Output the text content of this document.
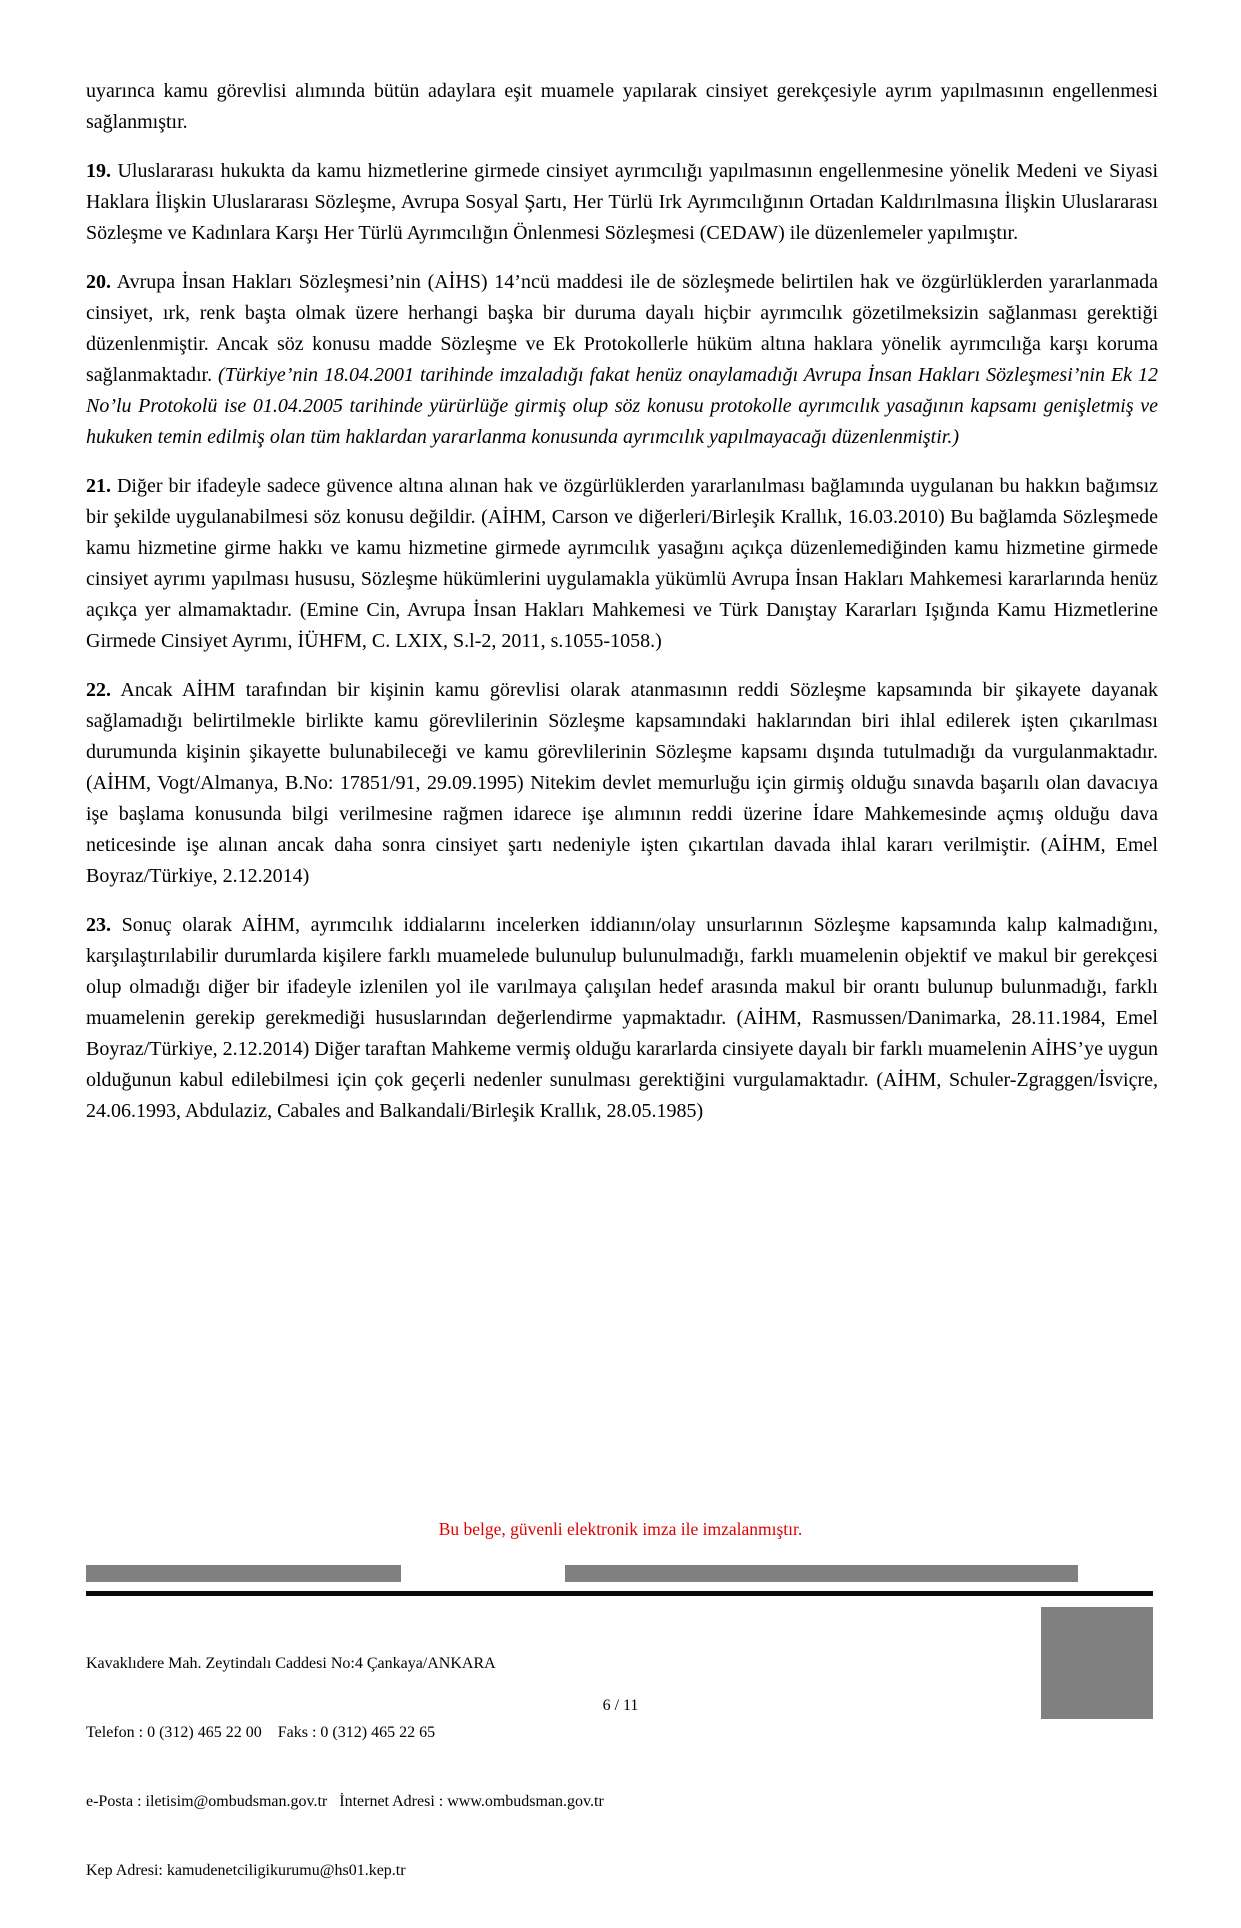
uyarınca kamu görevlisi alımında bütün adaylara eşit muamele yapılarak cinsiyet gerekçesiyle ayrım yapılmasının engellenmesi sağlanmıştır.

19. Uluslararası hukukta da kamu hizmetlerine girmede cinsiyet ayrımcılığı yapılmasının engellenmesine yönelik Medeni ve Siyasi Haklara İlişkin Uluslararası Sözleşme, Avrupa Sosyal Şartı, Her Türlü Irk Ayrımcılığının Ortadan Kaldırılmasına İlişkin Uluslararası Sözleşme ve Kadınlara Karşı Her Türlü Ayrımcılığın Önlenmesi Sözleşmesi (CEDAW) ile düzenlemeler yapılmıştır.

20. Avrupa İnsan Hakları Sözleşmesi’nin (AİHS) 14’ncü maddesi ile de sözleşmede belirtilen hak ve özgürlüklerden yararlanmada cinsiyet, ırk, renk başta olmak üzere herhangi başka bir duruma dayalı hiçbir ayrımcılık gözetilmeksizin sağlanması gerektiği düzenlenmiştir. Ancak söz konusu madde Sözleşme ve Ek Protokollerle hüküm altına haklara yönelik ayrımcılığa karşı koruma sağlanmaktadır. (Türkiye’nin 18.04.2001 tarihinde imzaladığı fakat henüz onaylamadığı Avrupa İnsan Hakları Sözleşmesi’nin Ek 12 No’lu Protokolü ise 01.04.2005 tarihinde yürürlüğe girmiş olup söz konusu protokolle ayrımcılık yasağının kapsamı genişletmiş ve hukuken temin edilmiş olan tüm haklardan yararlanma konusunda ayrımcılık yapılmayacağı düzenlenmiştir.)

21. Diğer bir ifadeyle sadece güvence altına alınan hak ve özgürlüklerden yararlanılması bağlamında uygulanan bu hakkın bağımsız bir şekilde uygulanabilmesi söz konusu değildir. (AİHM, Carson ve diğerleri/Birleşik Krallık, 16.03.2010) Bu bağlamda Sözleşmede kamu hizmetine girme hakkı ve kamu hizmetine girmede ayrımcılık yasağını açıkça düzenlemediğinden kamu hizmetine girmede cinsiyet ayrımı yapılması hususu, Sözleşme hükümlerini uygulamakla yükümlü Avrupa İnsan Hakları Mahkemesi kararlarında henüz açıkça yer almamaktadır. (Emine Cin, Avrupa İnsan Hakları Mahkemesi ve Türk Danıştay Kararları Işığında Kamu Hizmetlerine Girmede Cinsiyet Ayrımı, İÜHFM, C. LXIX, S.l-2, 2011, s.1055-1058.)

22. Ancak AİHM tarafından bir kişinin kamu görevlisi olarak atanmasının reddi Sözleşme kapsamında bir şikayete dayanak sağlamadığı belirtilmekle birlikte kamu görevlilerinin Sözleşme kapsamındaki haklarından biri ihlal edilerek işten çıkarılması durumunda kişinin şikayette bulunabileceği ve kamu görevlilerinin Sözleşme kapsamı dışında tutulmadığı da vurgulanmaktadır. (AİHM, Vogt/Almanya, B.No: 17851/91, 29.09.1995) Nitekim devlet memurluğu için girmiş olduğu sınavda başarılı olan davacıya işe başlama konusunda bilgi verilmesine rağmen idarece işe alımının reddi üzerine İdare Mahkemesinde açmış olduğu dava neticesinde işe alınan ancak daha sonra cinsiyet şartı nedeniyle işten çıkartılan davada ihlal kararı verilmiştir. (AİHM, Emel Boyraz/Türkiye, 2.12.2014)

23. Sonuç olarak AİHM, ayrımcılık iddialarını incelerken iddianın/olay unsurlarının Sözleşme kapsamında kalıp kalmadığını, karşılaştırılabilir durumlarda kişilere farklı muamelede bulunulup bulunulmadığı, farklı muamelenin objektif ve makul bir gerekçesi olup olmadığı diğer bir ifadeyle izlenilen yol ile varılmaya çalışılan hedef arasında makul bir orantı bulunup bulunmadığı, farklı muamelenin gerekip gerekmediği hususlarından değerlendirme yapmaktadır. (AİHM, Rasmussen/Danimarka, 28.11.1984, Emel Boyraz/Türkiye, 2.12.2014) Diğer taraftan Mahkeme vermiş olduğu kararlarda cinsiyete dayalı bir farklı muamelenin AİHS’ye uygun olduğunun kabul edilebilmesi için çok geçerli nedenler sunulması gerektiğini vurgulamaktadır. (AİHM, Schuler-Zgraggen/İsviçre, 24.06.1993, Abdulaziz, Cabales and Balkandali/Birleşik Krallık, 28.05.1985)

Bu belge, güvenli elektronik imza ile imzalanmıştır.

Kavaklıdere Mah. Zeytindalı Caddesi No:4 Çankaya/ANKARA

Telefon : 0 (312) 465 22 00    Faks : 0 (312) 465 22 65

e-Posta : iletisim@ombudsman.gov.tr   İnternet Adresi : www.ombudsman.gov.tr

Kep Adresi: kamudenetciligikurumu@hs01.kep.tr

6 / 11
